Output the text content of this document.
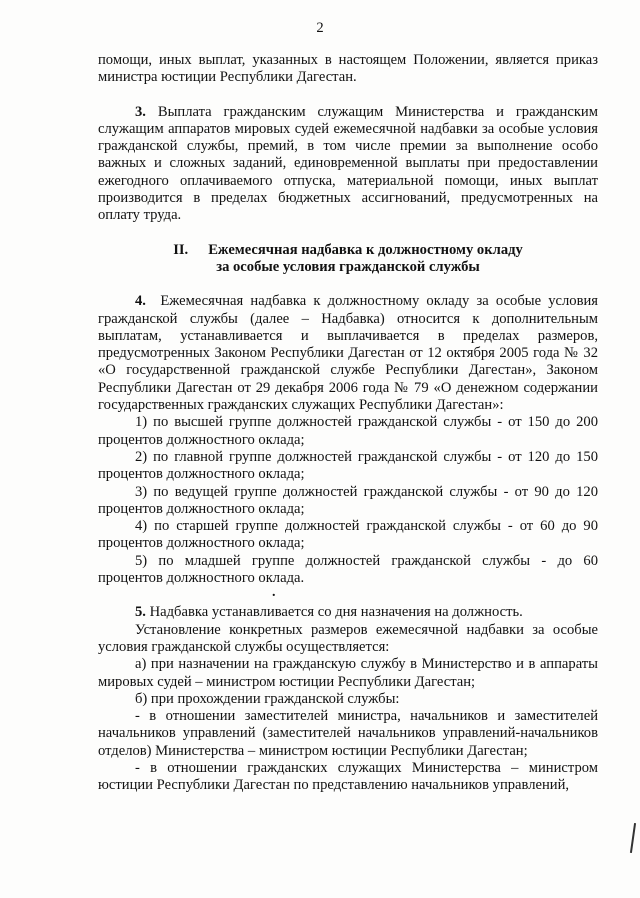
2

помощи, иных выплат, указанных в настоящем Положении, является приказ министра юстиции Республики Дагестан.

3. Выплата гражданским служащим Министерства и гражданским служащим аппаратов мировых судей ежемесячной надбавки за особые условия гражданской службы, премий, в том числе премии за выполнение особо важных и сложных заданий, единовременной выплаты при предоставлении ежегодного оплачиваемого отпуска, материальной помощи, иных выплат производится в пределах бюджетных ассигнований, предусмотренных на оплату труда.

II. Ежемесячная надбавка к должностному окладу
за особые условия гражданской службы

4. Ежемесячная надбавка к должностному окладу за особые условия гражданской службы (далее – Надбавка) относится к дополнительным выплатам, устанавливается и выплачивается в пределах размеров, предусмотренных Законом Республики Дагестан от 12 октября 2005 года № 32 «О государственной гражданской службе Республики Дагестан», Законом Республики Дагестан от 29 декабря 2006 года № 79 «О денежном содержании государственных гражданских служащих Республики Дагестан»:

1) по высшей группе должностей гражданской службы - от 150 до 200 процентов должностного оклада;

2) по главной группе должностей гражданской службы - от 120 до 150 процентов должностного оклада;

3) по ведущей группе должностей гражданской службы - от 90 до 120 процентов должностного оклада;

4) по старшей группе должностей гражданской службы - от 60 до 90 процентов должностного оклада;

5) по младшей группе должностей гражданской службы - до 60 процентов должностного оклада.

5. Надбавка устанавливается со дня назначения на должность.

Установление конкретных размеров ежемесячной надбавки за особые условия гражданской службы осуществляется:

а) при назначении на гражданскую службу в Министерство и в аппараты мировых судей – министром юстиции Республики Дагестан;

б) при прохождении гражданской службы:

- в отношении заместителей министра, начальников и заместителей начальников управлений (заместителей начальников управлений-начальников отделов) Министерства – министром юстиции Республики Дагестан;

- в отношении гражданских служащих Министерства – министром юстиции Республики Дагестан по представлению начальников управлений,

.
